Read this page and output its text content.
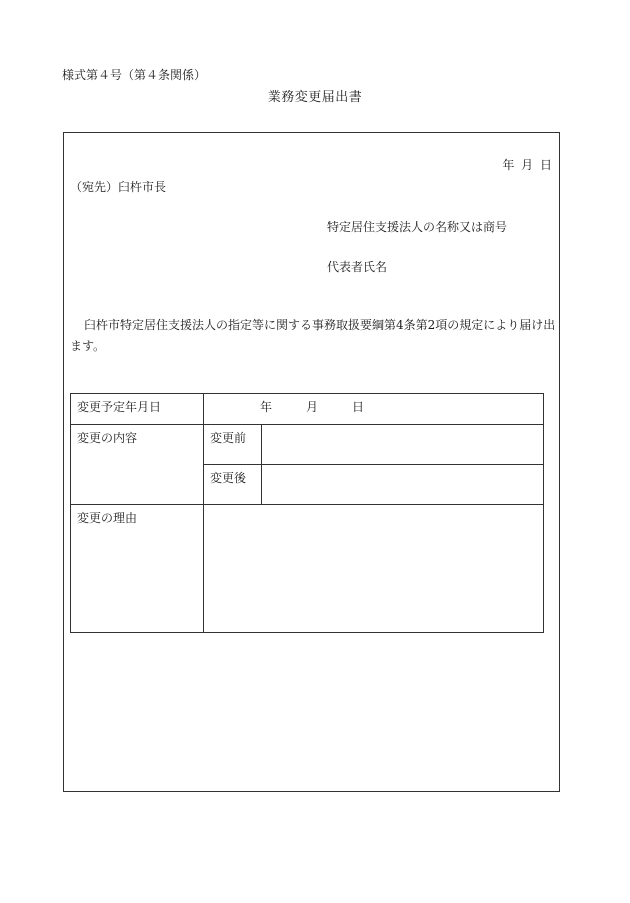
様式第４号（第４条関係）
業務変更届出書
年 月 日
（宛先）臼杵市長
特定居住支援法人の名称又は商号
代表者氏名
臼杵市特定居住支援法人の指定等に関する事務取扱要綱第4条第2項の規定により届け出ます。
変更予定年月日	年 月 日	
変更の内容	変更前	
	変更後	
変更の理由		
